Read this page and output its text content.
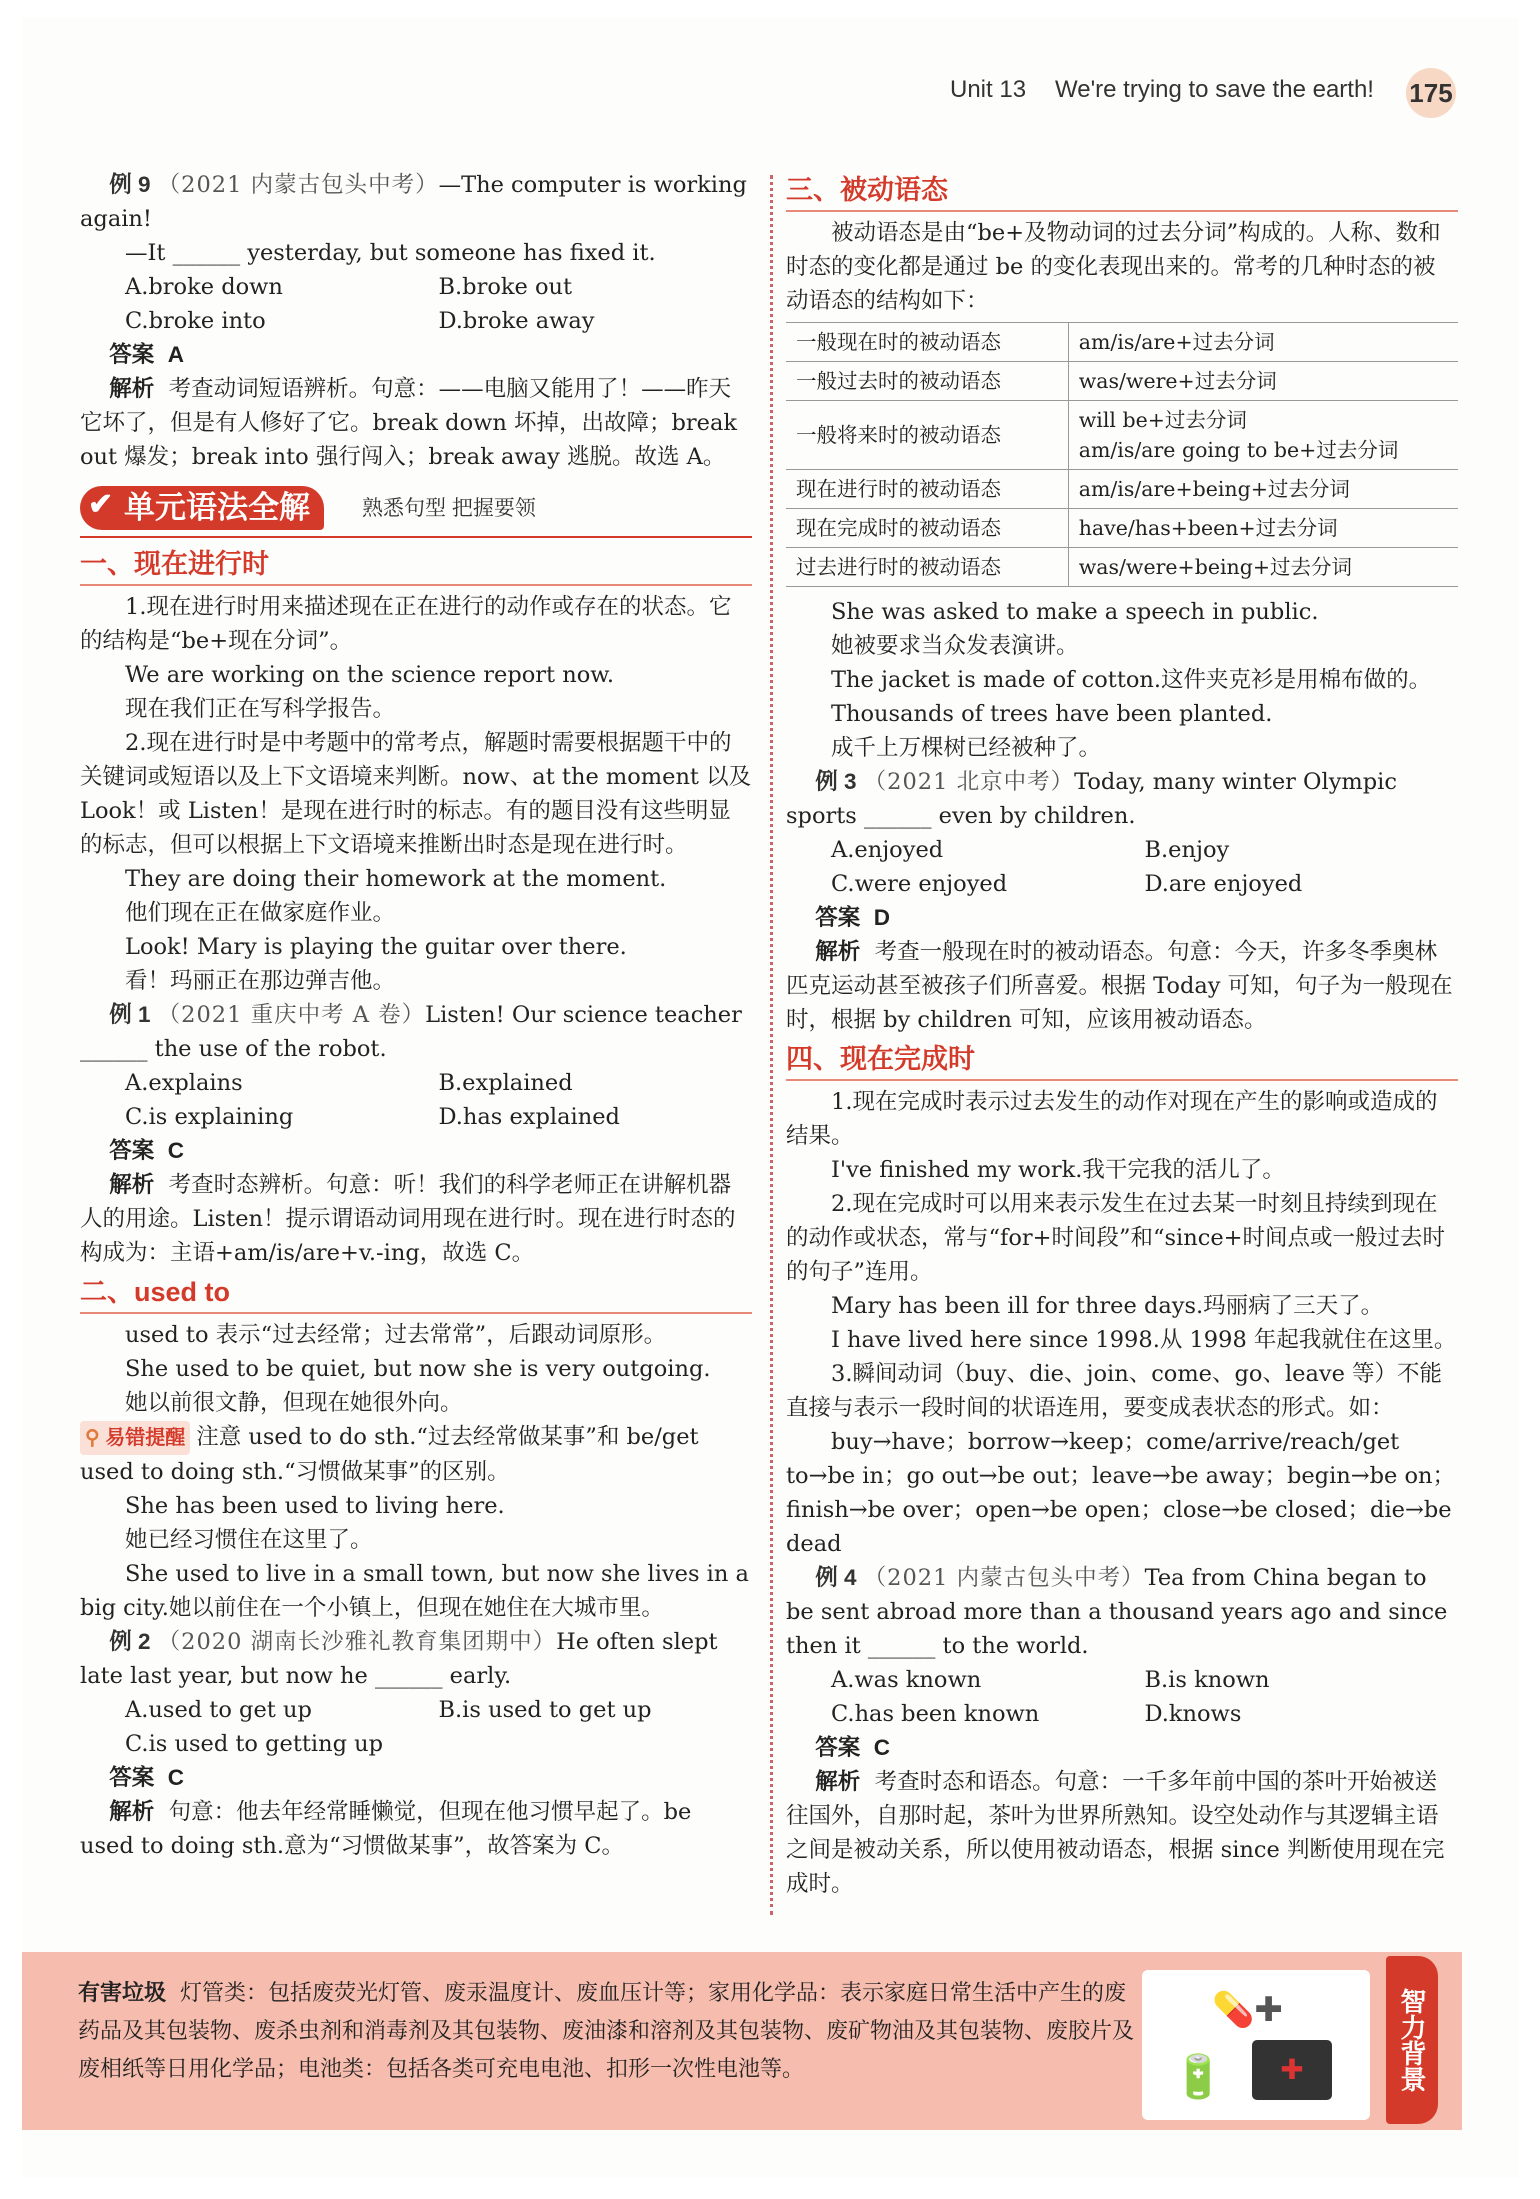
Unit 13 We're trying to save the earth! 175

例 9 （2021 内蒙古包头中考）—The computer is working again!

—It ______ yesterday, but someone has fixed it.

A.broke down	B.broke out
C.broke into	D.broke away

答案 A

解析 考查动词短语辨析。句意：——电脑又能用了！——昨天它坏了，但是有人修好了它。break down 坏掉，出故障；break out 爆发；break into 强行闯入；break away 逃脱。故选 A。

单元语法全解
✔	熟悉句型 把握要领
一、现在进行时

1.现在进行时用来描述现在正在进行的动作或存在的状态。它的结构是“be+现在分词”。

We are working on the science report now.

现在我们正在写科学报告。

2.现在进行时是中考题中的常考点，解题时需要根据题干中的关键词或短语以及上下文语境来判断。now、at the moment 以及 Look！或 Listen！是现在进行时的标志。有的题目没有这些明显的标志，但可以根据上下文语境来推断出时态是现在进行时。

They are doing their homework at the moment.

他们现在正在做家庭作业。

Look! Mary is playing the guitar over there.

看！玛丽正在那边弹吉他。

例 1 （2021 重庆中考 A 卷）Listen! Our science teacher ______ the use of the robot.

A.explains	B.explained
C.is explaining	D.has explained

答案 C

解析 考查时态辨析。句意：听！我们的科学老师正在讲解机器人的用途。Listen！提示谓语动词用现在进行时。现在进行时态的构成为：主语+am/is/are+v.-ing，故选 C。

二、used to

used to 表示“过去经常；过去常常”，后跟动词原形。

She used to be quiet, but now she is very outgoing.

她以前很文静，但现在她很外向。

⚲ 易错提醒 注意 used to do sth.“过去经常做某事”和 be/get used to doing sth.“习惯做某事”的区别。

She has been used to living here.

她已经习惯住在这里了。

She used to live in a small town, but now she lives in a big city.她以前住在一个小镇上，但现在她住在大城市里。

例 2 （2020 湖南长沙雅礼教育集团期中）He often slept late last year, but now he ______ early.

A.used to get up	B.is used to get up
C.is used to getting up

答案 C

解析 句意：他去年经常睡懒觉，但现在他习惯早起了。be used to doing sth.意为“习惯做某事”，故答案为 C。

三、被动语态

被动语态是由“be+及物动词的过去分词”构成的。人称、数和时态的变化都是通过 be 的变化表现出来的。常考的几种时态的被动语态的结构如下：

一般现在时的被动语态	am/is/are+过去分词

一般过去时的被动语态	was/were+过去分词

一般将来时的被动语态	will be+过去分词
am/is/are going to be+过去分词

现在进行时的被动语态	am/is/are+being+过去分词

现在完成时的被动语态	have/has+been+过去分词

过去进行时的被动语态	was/were+being+过去分词

She was asked to make a speech in public.

她被要求当众发表演讲。

The jacket is made of cotton.这件夹克衫是用棉布做的。

Thousands of trees have been planted.

成千上万棵树已经被种了。

例 3 （2021 北京中考）Today, many winter Olympic sports ______ even by children.

A.enjoyed	B.enjoy
C.were enjoyed	D.are enjoyed

答案 D

解析 考查一般现在时的被动语态。句意：今天，许多冬季奥林匹克运动甚至被孩子们所喜爱。根据 Today 可知，句子为一般现在时，根据 by children 可知，应该用被动语态。

四、现在完成时

1.现在完成时表示过去发生的动作对现在产生的影响或造成的结果。

I've finished my work.我干完我的活儿了。

2.现在完成时可以用来表示发生在过去某一时刻且持续到现在的动作或状态，常与“for+时间段”和“since+时间点或一般过去时的句子”连用。

Mary has been ill for three days.玛丽病了三天了。

I have lived here since 1998.从 1998 年起我就住在这里。

3.瞬间动词（buy、die、join、come、go、leave 等）不能直接与表示一段时间的状语连用，要变成表状态的形式。如：

buy→have；borrow→keep；come/arrive/reach/get to→be in；go out→be out；leave→be away；begin→be on；finish→be over；open→be open；close→be closed；die→be dead

例 4 （2021 内蒙古包头中考）Tea from China began to be sent abroad more than a thousand years ago and since then it ______ to the world.

A.was known	B.is known
C.has been known	D.knows

答案 C

解析 考查时态和语态。句意：一千多年前中国的茶叶开始被送往国外，自那时起，茶叶为世界所熟知。设空处动作与其逻辑主语之间是被动关系，所以使用被动语态，根据 since 判断使用现在完成时。

有害垃圾 灯管类：包括废荧光灯管、废汞温度计、废血压计等；家用化学品：表示家庭日常生活中产生的废药品及其包装物、废杀虫剂和消毒剂及其包装物、废油漆和溶剂及其包装物、废矿物油及其包装物、废胶片及废相纸等日用化学品；电池类：包括各类可充电电池、扣形一次性电池等。
💊✚
🔋	✚	智力背景
